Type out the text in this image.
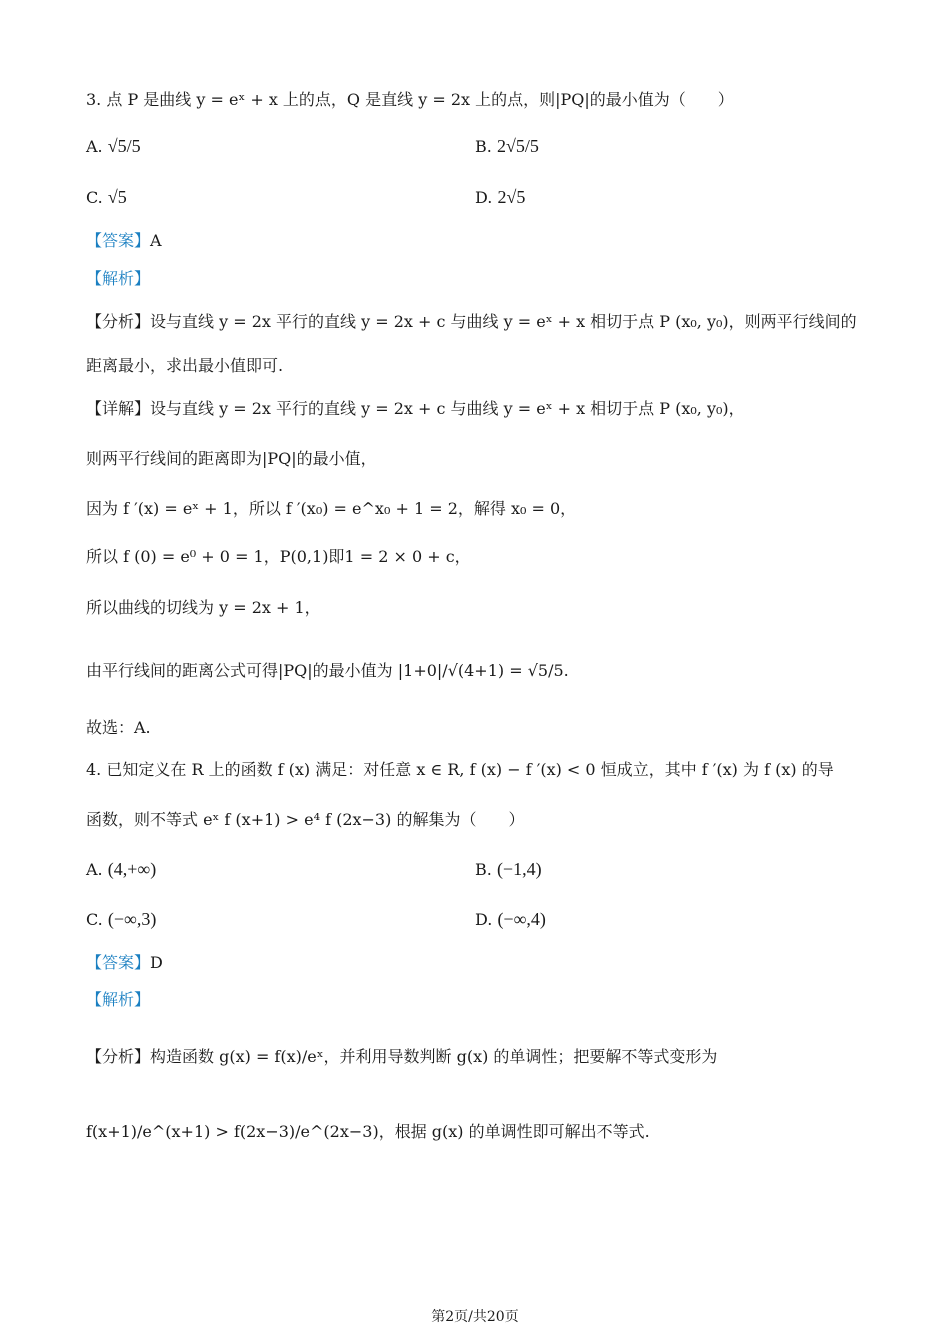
3. 点 P 是曲线 y = eˣ + x 上的点，Q 是直线 y = 2x 上的点，则|PQ|的最小值为（　　）
A. √5/5	B. 2√5/5
C. √5	D. 2√5
【答案】A
【解析】
【分析】设与直线 y = 2x 平行的直线 y = 2x + c 与曲线 y = eˣ + x 相切于点 P (x₀, y₀)，则两平行线间的
距离最小，求出最小值即可.
【详解】设与直线 y = 2x 平行的直线 y = 2x + c 与曲线 y = eˣ + x 相切于点 P (x₀, y₀)，
则两平行线间的距离即为|PQ|的最小值，
因为 f ′(x) = eˣ + 1，所以 f ′(x₀) = e^x₀ + 1 = 2，解得 x₀ = 0，
所以 f (0) = e⁰ + 0 = 1，P(0,1)即1 = 2 × 0 + c，
所以曲线的切线为 y = 2x + 1，
由平行线间的距离公式可得|PQ|的最小值为 |1+0|/√(4+1) = √5/5.
故选：A.
4. 已知定义在 R 上的函数 f (x) 满足：对任意 x ∈ R, f (x) − f ′(x) < 0 恒成立，其中 f ′(x) 为 f (x) 的导
函数，则不等式 eˣ f (x+1) > e⁴ f (2x−3) 的解集为（　　）
A. (4,+∞)	B. (−1,4)
C. (−∞,3)	D. (−∞,4)
【答案】D
【解析】
【分析】构造函数 g(x) = f(x)/eˣ，并利用导数判断 g(x) 的单调性；把要解不等式变形为
f(x+1)/e^(x+1) > f(2x−3)/e^(2x−3)，根据 g(x) 的单调性即可解出不等式.
第2页/共20页
